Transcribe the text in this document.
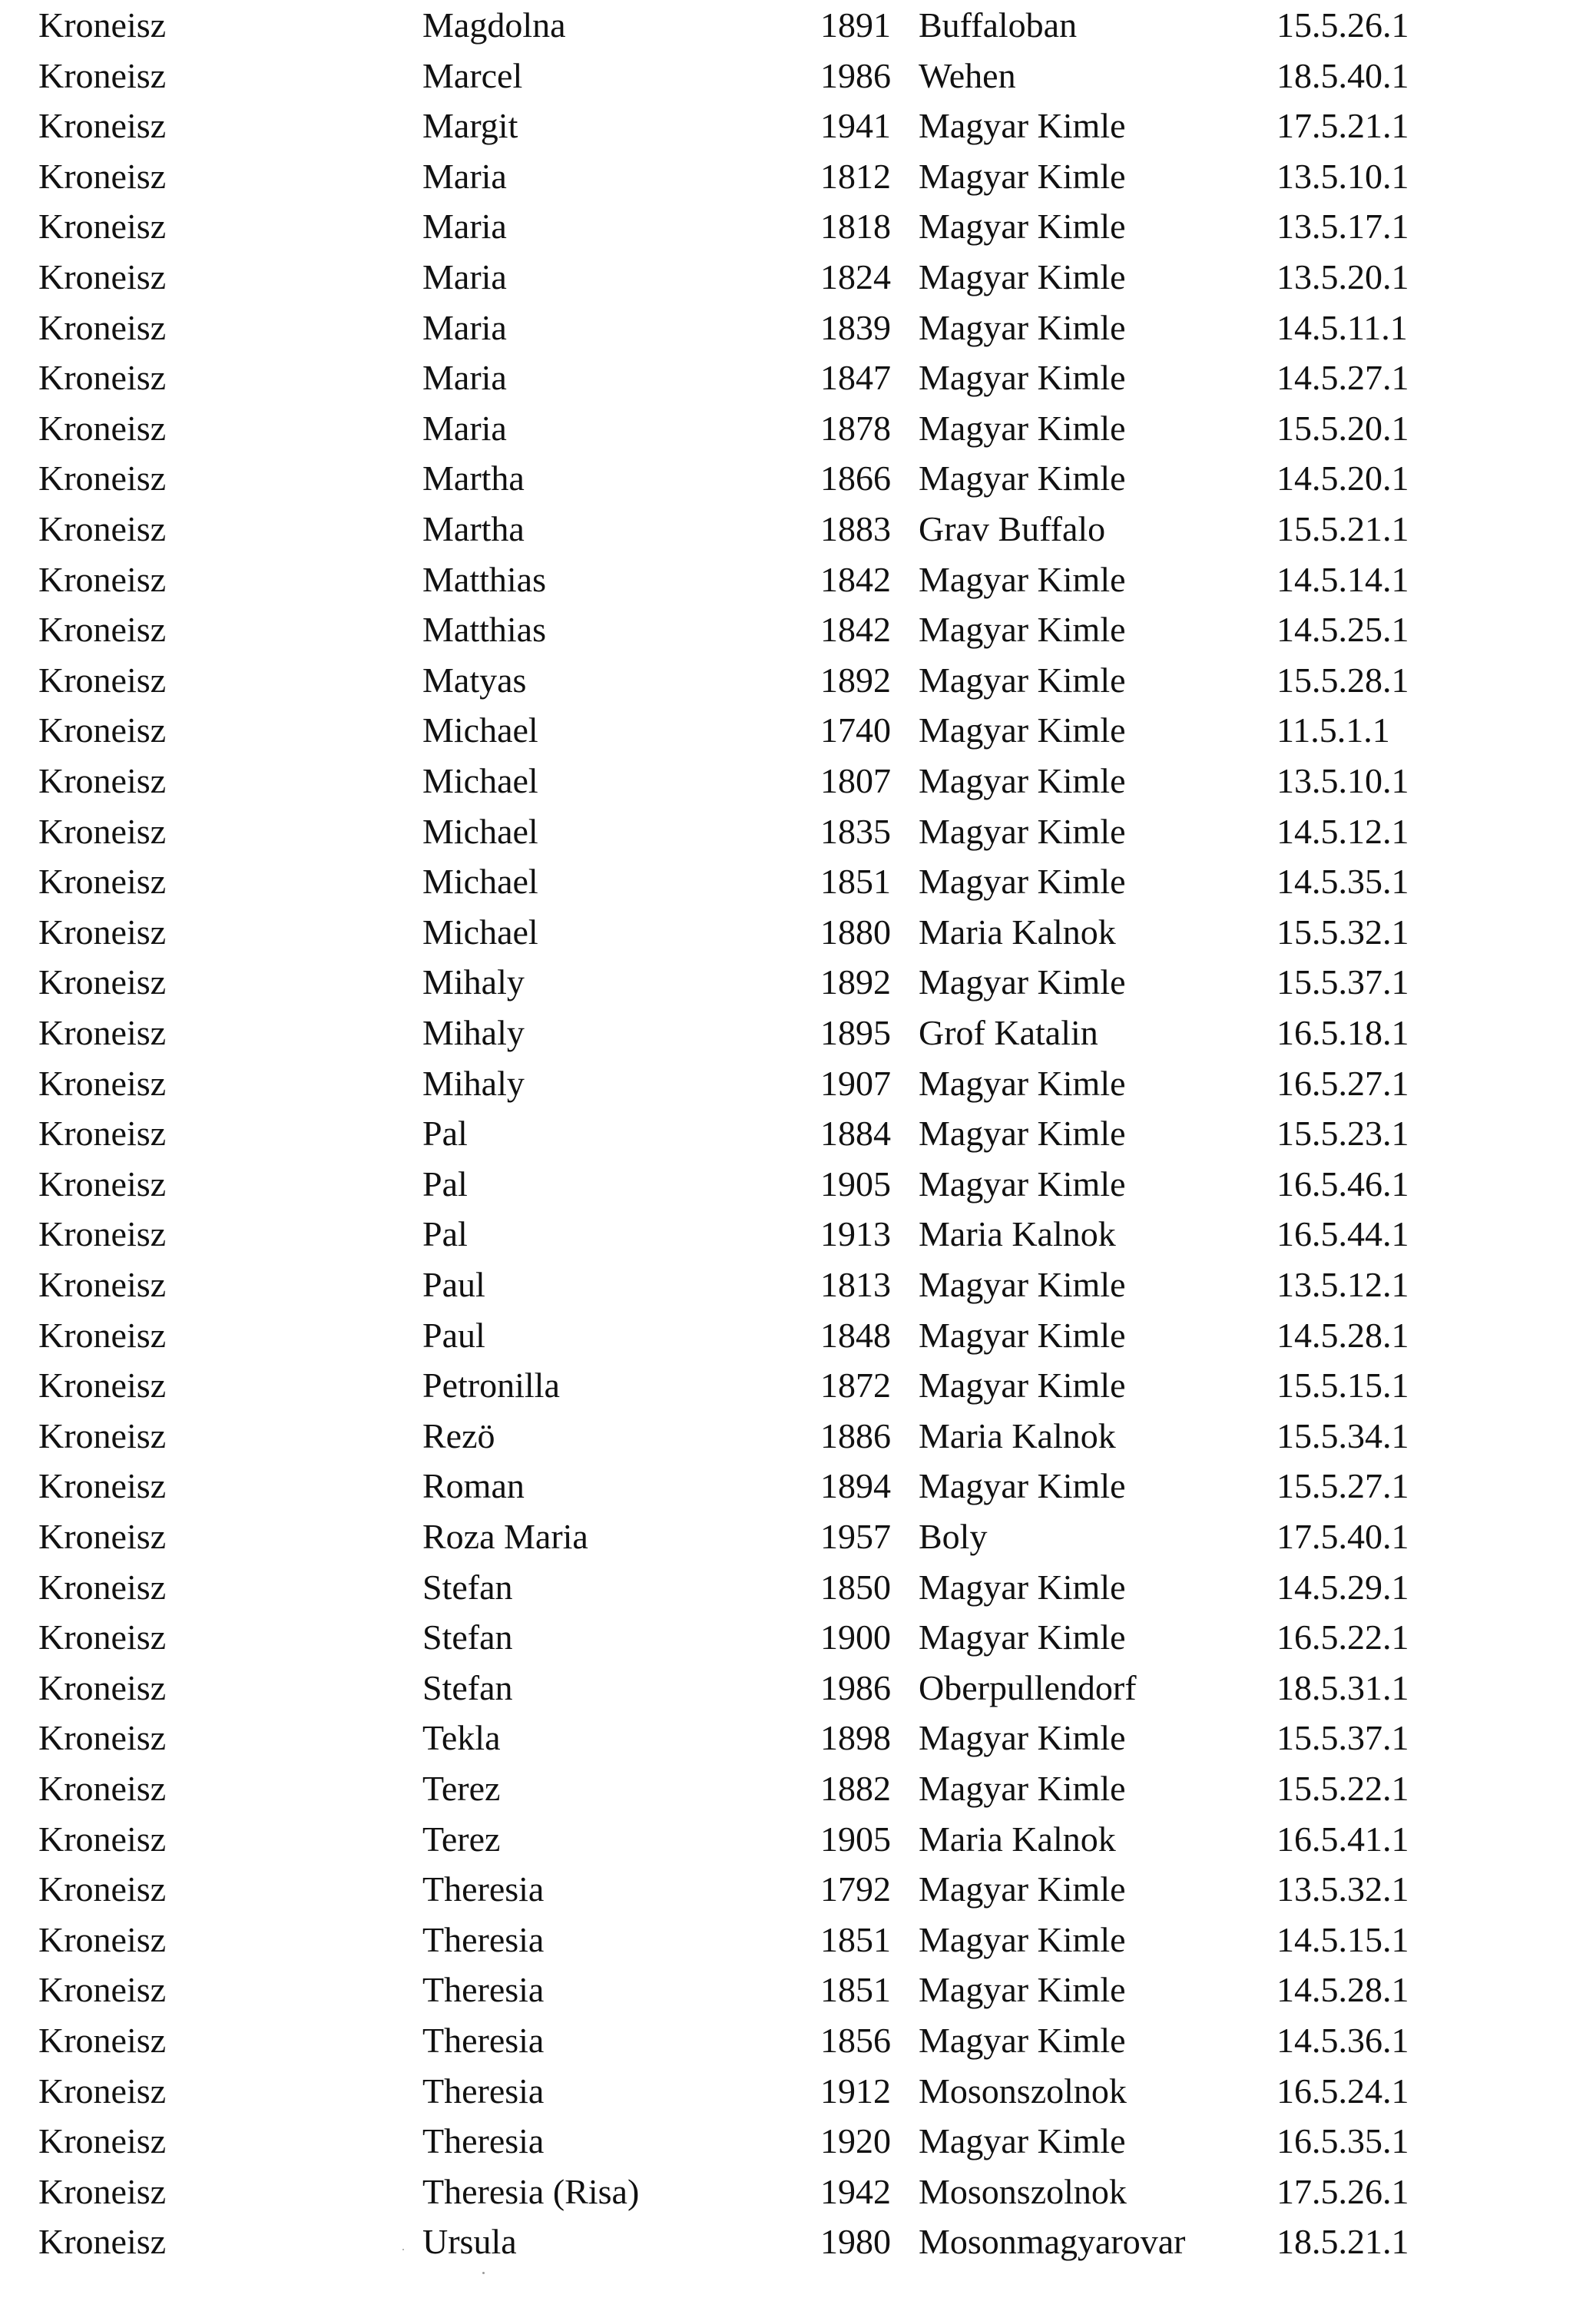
Kroneisz	Magdolna	1891 Buffaloban	15.5.26.1
Kroneisz	Marcel	1986 Wehen	18.5.40.1
Kroneisz	Margit	1941 Magyar Kimle	17.5.21.1
Kroneisz	Maria	1812 Magyar Kimle	13.5.10.1
Kroneisz	Maria	1818 Magyar Kimle	13.5.17.1
Kroneisz	Maria	1824 Magyar Kimle	13.5.20.1
Kroneisz	Maria	1839 Magyar Kimle	14.5.11.1
Kroneisz	Maria	1847 Magyar Kimle	14.5.27.1
Kroneisz	Maria	1878 Magyar Kimle	15.5.20.1
Kroneisz	Martha	1866 Magyar Kimle	14.5.20.1
Kroneisz	Martha	1883 Grav Buffalo	15.5.21.1
Kroneisz	Matthias	1842 Magyar Kimle	14.5.14.1
Kroneisz	Matthias	1842 Magyar Kimle	14.5.25.1
Kroneisz	Matyas	1892 Magyar Kimle	15.5.28.1
Kroneisz	Michael	1740 Magyar Kimle	11.5.1.1
Kroneisz	Michael	1807 Magyar Kimle	13.5.10.1
Kroneisz	Michael	1835 Magyar Kimle	14.5.12.1
Kroneisz	Michael	1851 Magyar Kimle	14.5.35.1
Kroneisz	Michael	1880 Maria Kalnok	15.5.32.1
Kroneisz	Mihaly	1892 Magyar Kimle	15.5.37.1
Kroneisz	Mihaly	1895 Grof Katalin	16.5.18.1
Kroneisz	Mihaly	1907 Magyar Kimle	16.5.27.1
Kroneisz	Pal	1884 Magyar Kimle	15.5.23.1
Kroneisz	Pal	1905 Magyar Kimle	16.5.46.1
Kroneisz	Pal	1913 Maria Kalnok	16.5.44.1
Kroneisz	Paul	1813 Magyar Kimle	13.5.12.1
Kroneisz	Paul	1848 Magyar Kimle	14.5.28.1
Kroneisz	Petronilla	1872 Magyar Kimle	15.5.15.1
Kroneisz	Rezö	1886 Maria Kalnok	15.5.34.1
Kroneisz	Roman	1894 Magyar Kimle	15.5.27.1
Kroneisz	Roza Maria	1957 Boly	17.5.40.1
Kroneisz	Stefan	1850 Magyar Kimle	14.5.29.1
Kroneisz	Stefan	1900 Magyar Kimle	16.5.22.1
Kroneisz	Stefan	1986 Oberpullendorf	18.5.31.1
Kroneisz	Tekla	1898 Magyar Kimle	15.5.37.1
Kroneisz	Terez	1882 Magyar Kimle	15.5.22.1
Kroneisz	Terez	1905 Maria Kalnok	16.5.41.1
Kroneisz	Theresia	1792 Magyar Kimle	13.5.32.1
Kroneisz	Theresia	1851 Magyar Kimle	14.5.15.1
Kroneisz	Theresia	1851 Magyar Kimle	14.5.28.1
Kroneisz	Theresia	1856 Magyar Kimle	14.5.36.1
Kroneisz	Theresia	1912 Mosonszolnok	16.5.24.1
Kroneisz	Theresia	1920 Magyar Kimle	16.5.35.1
Kroneisz	Theresia (Risa)	1942 Mosonszolnok	17.5.26.1
Kroneisz	Ursula	1980 Mosonmagyarovar	18.5.21.1
